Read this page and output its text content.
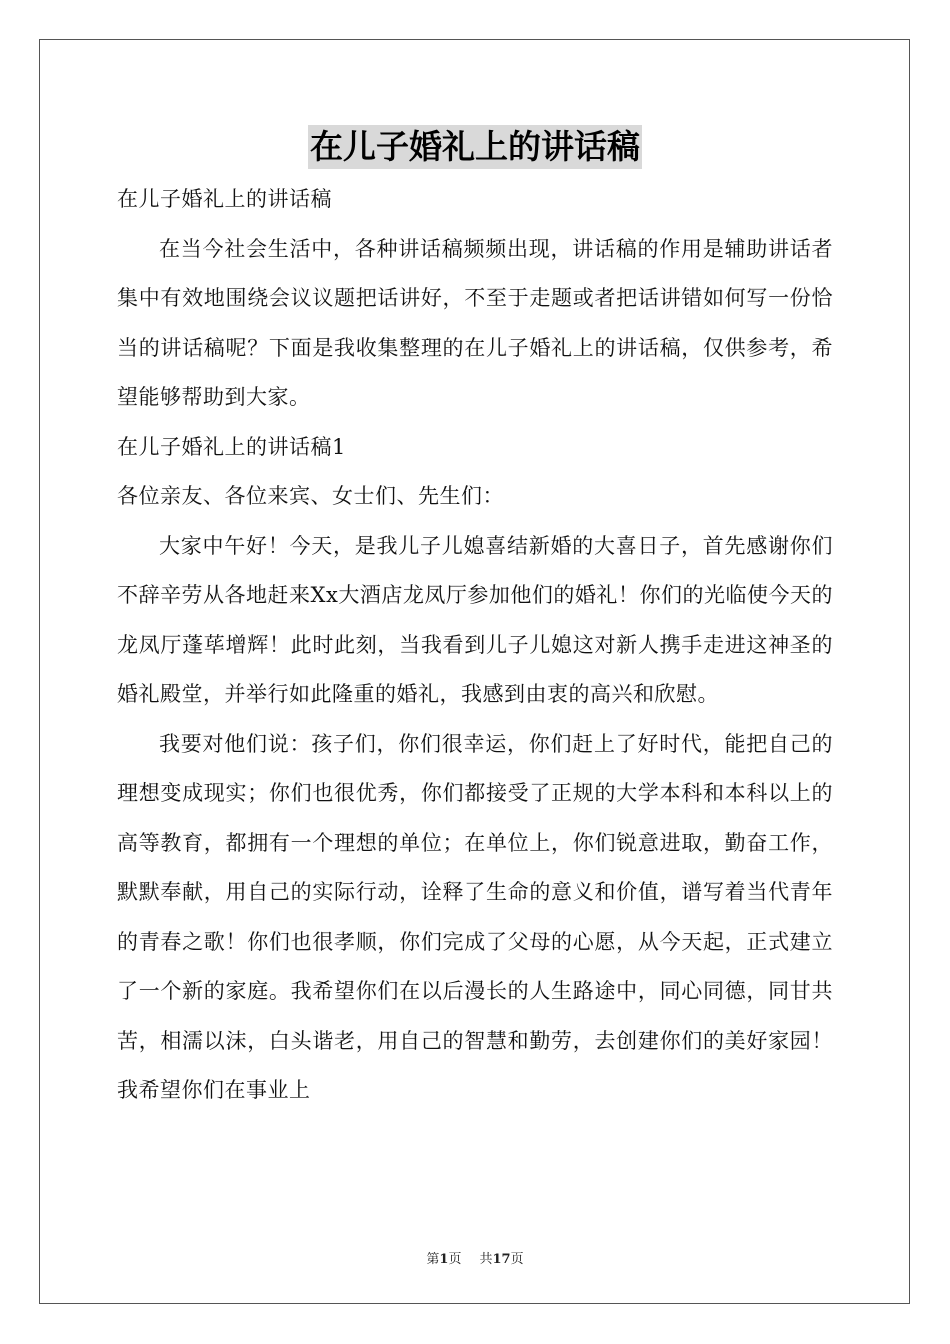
在儿子婚礼上的讲话稿

在儿子婚礼上的讲话稿

在当今社会生活中，各种讲话稿频频出现，讲话稿的作用是辅助讲话者集中有效地围绕会议议题把话讲好，不至于走题或者把话讲错如何写一份恰当的讲话稿呢？下面是我收集整理的在儿子婚礼上的讲话稿，仅供参考，希望能够帮助到大家。

在儿子婚礼上的讲话稿1

各位亲友、各位来宾、女士们、先生们：

大家中午好！今天，是我儿子儿媳喜结新婚的大喜日子，首先感谢你们不辞辛劳从各地赶来Xx大酒店龙凤厅参加他们的婚礼！你们的光临使今天的龙凤厅蓬荜增辉！此时此刻，当我看到儿子儿媳这对新人携手走进这神圣的婚礼殿堂，并举行如此隆重的婚礼，我感到由衷的高兴和欣慰。

我要对他们说：孩子们，你们很幸运，你们赶上了好时代，能把自己的理想变成现实；你们也很优秀，你们都接受了正规的大学本科和本科以上的高等教育，都拥有一个理想的单位；在单位上，你们锐意进取，勤奋工作，默默奉献，用自己的实际行动，诠释了生命的意义和价值，谱写着当代青年的青春之歌！你们也很孝顺，你们完成了父母的心愿，从今天起，正式建立了一个新的家庭。我希望你们在以后漫长的人生路途中，同心同德，同甘共苦，相濡以沫，白头谐老，用自己的智慧和勤劳，去创建你们的美好家园！我希望你们在事业上

第1页 共17页
